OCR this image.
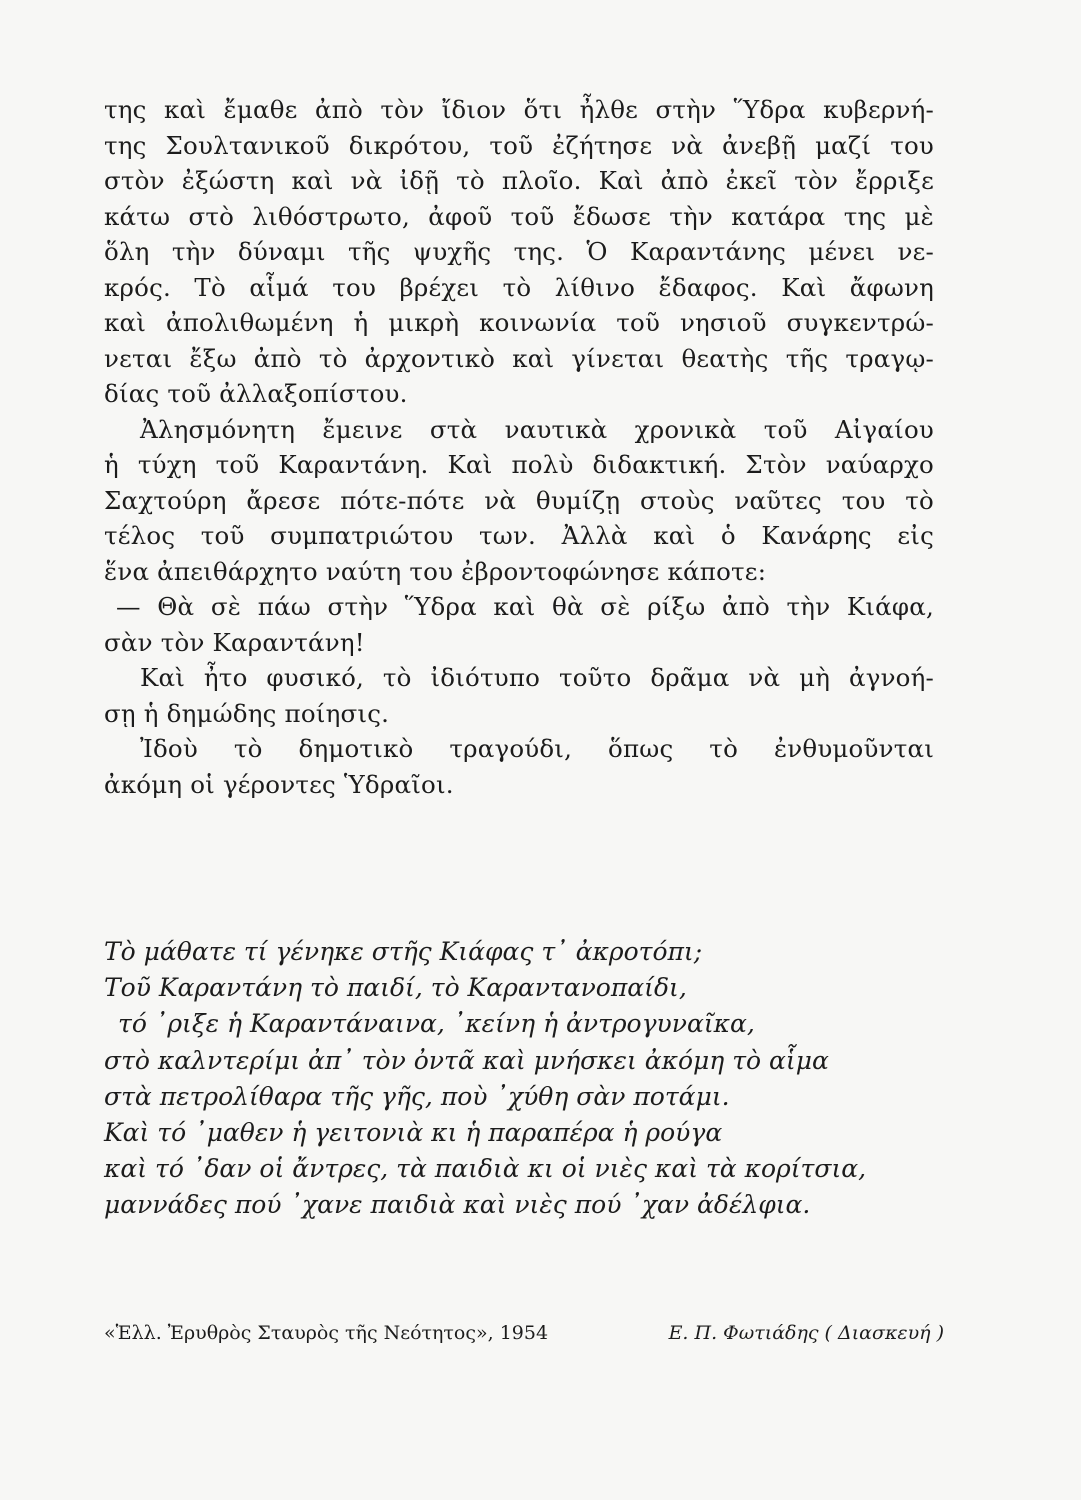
της καὶ ἔμαθε ἀπὸ τὸν ἴδιον ὅτι ἦλθε στὴν Ὕδρα κυβερνή-
της Σουλτανικοῦ δικρότου, τοῦ ἐζήτησε νὰ ἀνεβῇ μαζί του
στὸν ἐξώστη καὶ νὰ ἰδῇ τὸ πλοῖο. Καὶ ἀπὸ ἐκεῖ τὸν ἔρριξε
κάτω στὸ λιθόστρωτο, ἀφοῦ τοῦ ἔδωσε τὴν κατάρα της μὲ
ὅλη τὴν δύναμι τῆς ψυχῆς της. Ὁ Καραντάνης μένει νε-
κρός. Τὸ αἷμά του βρέχει τὸ λίθινο ἔδαφος. Καὶ ἄφωνη
καὶ ἀπολιθωμένη ἡ μικρὴ κοινωνία τοῦ νησιοῦ συγκεντρώ-
νεται ἔξω ἀπὸ τὸ ἀρχοντικὸ καὶ γίνεται θεατὴς τῆς τραγῳ-
δίας τοῦ ἀλλαξοπίστου.
Ἀλησμόνητη ἔμεινε στὰ ναυτικὰ χρονικὰ τοῦ Αἰγαίου
ἡ τύχη τοῦ Καραντάνη. Καὶ πολὺ διδακτική. Στὸν ναύαρχο
Σαχτούρη ἄρεσε πότε-πότε νὰ θυμίζῃ στοὺς ναῦτες του τὸ
τέλος τοῦ συμπατριώτου των. Ἀλλὰ καὶ ὁ Κανάρης εἰς
ἕνα ἀπειθάρχητο ναύτη του ἐβροντοφώνησε κάποτε:
— Θὰ σὲ πάω στὴν Ὕδρα καὶ θὰ σὲ ρίξω ἀπὸ τὴν Κιάφα,
σὰν τὸν Καραντάνη!
Καὶ ἦτο φυσικό, τὸ ἰδιότυπο τοῦτο δρᾶμα νὰ μὴ ἀγνοή-
σῃ ἡ δημώδης ποίησις.
Ἰδοὺ τὸ δημοτικὸ τραγούδι, ὅπως τὸ ἐνθυμοῦνται
ἀκόμη οἱ γέροντες Ὑδραῖοι.
Τὸ μάθατε τί γένηκε στῆς Κιάφας τ᾽ ἀκροτόπι;
Τοῦ Καραντάνη τὸ παιδί, τὸ Καραντανοπαίδι,
τό ᾽ριξε ἡ Καραντάναινα, ᾽κείνη ἡ ἀντρογυναῖκα,
στὸ καλντερίμι ἀπ᾽ τὸν ὀντᾶ καὶ μνήσκει ἀκόμη τὸ αἷμα
στὰ πετρολίθαρα τῆς γῆς, ποὺ ᾽χύθη σὰν ποτάμι.
Καὶ τό ᾽μαθεν ἡ γειτονιὰ κι ἡ παραπέρα ἡ ρούγα
καὶ τό ᾽δαν οἱ ἄντρες, τὰ παιδιὰ κι οἱ νιὲς καὶ τὰ κορίτσια,
μαννάδες πού ᾽χανε παιδιὰ καὶ νιὲς πού ᾽χαν ἀδέλφια.
«Ἑλλ. Ἐρυθρὸς Σταυρὸς τῆς Νεότητος», 1954	Ε. Π. Φωτιάδης ( Διασκευή )
